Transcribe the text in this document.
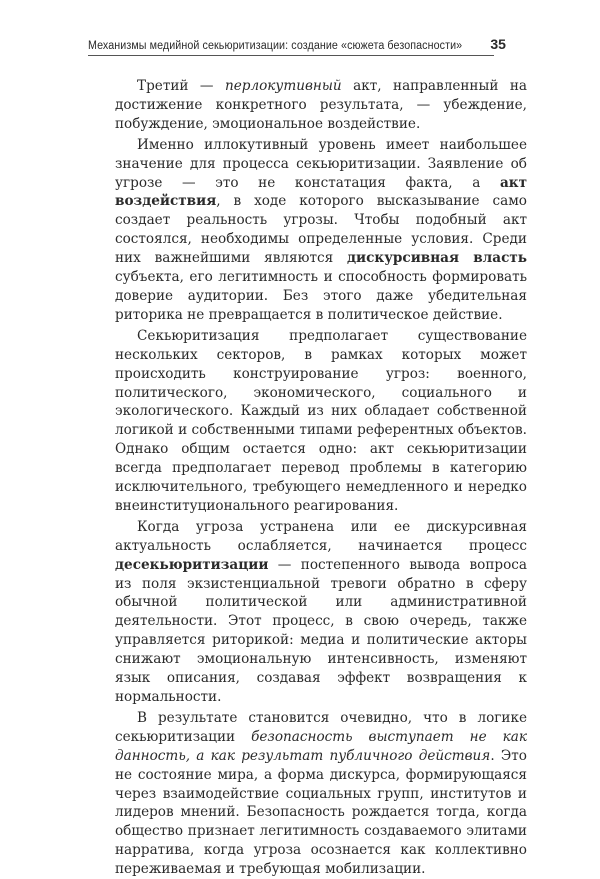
Механизмы медийной секьюритизации: создание «сюжета безопасности» 35

Третий — перлокутивный акт, направленный на достижение конкретного результата, — убеждение, побуждение, эмоциональное воздействие.

Именно иллокутивный уровень имеет наибольшее значение для процесса секьюритизации. Заявление об угрозе — это не констатация факта, а акт воздействия, в ходе которого высказывание само создает реальность угрозы. Чтобы подобный акт состоялся, необходимы определенные условия. Среди них важнейшими являются дискурсивная власть субъекта, его легитимность и способность формировать доверие аудитории. Без этого даже убедительная риторика не превращается в политическое действие.

Секьюритизация предполагает существование нескольких секторов, в рамках которых может происходить конструирование угроз: военного, политического, экономического, социального и экологического. Каждый из них обладает собственной логикой и собственными типами референтных объектов. Однако общим остается одно: акт секьюритизации всегда предполагает перевод проблемы в категорию исключительного, требующего немедленного и нередко внеинституционального реагирования.

Когда угроза устранена или ее дискурсивная актуальность ослабляется, начинается процесс десекьюритизации — постепенного вывода вопроса из поля экзистенциальной тревоги обратно в сферу обычной политической или административной деятельности. Этот процесс, в свою очередь, также управляется риторикой: медиа и политические акторы снижают эмоциональную интенсивность, изменяют язык описания, создавая эффект возвращения к нормальности.

В результате становится очевидно, что в логике секьюритизации безопасность выступает не как данность, а как результат публичного действия. Это не состояние мира, а форма дискурса, формирующаяся через взаимодействие социальных групп, институтов и лидеров мнений. Безопасность рождается тогда, когда общество признает легитимность создаваемого элитами нарратива, когда угроза осознается как коллективно переживаемая и требующая мобилизации.
